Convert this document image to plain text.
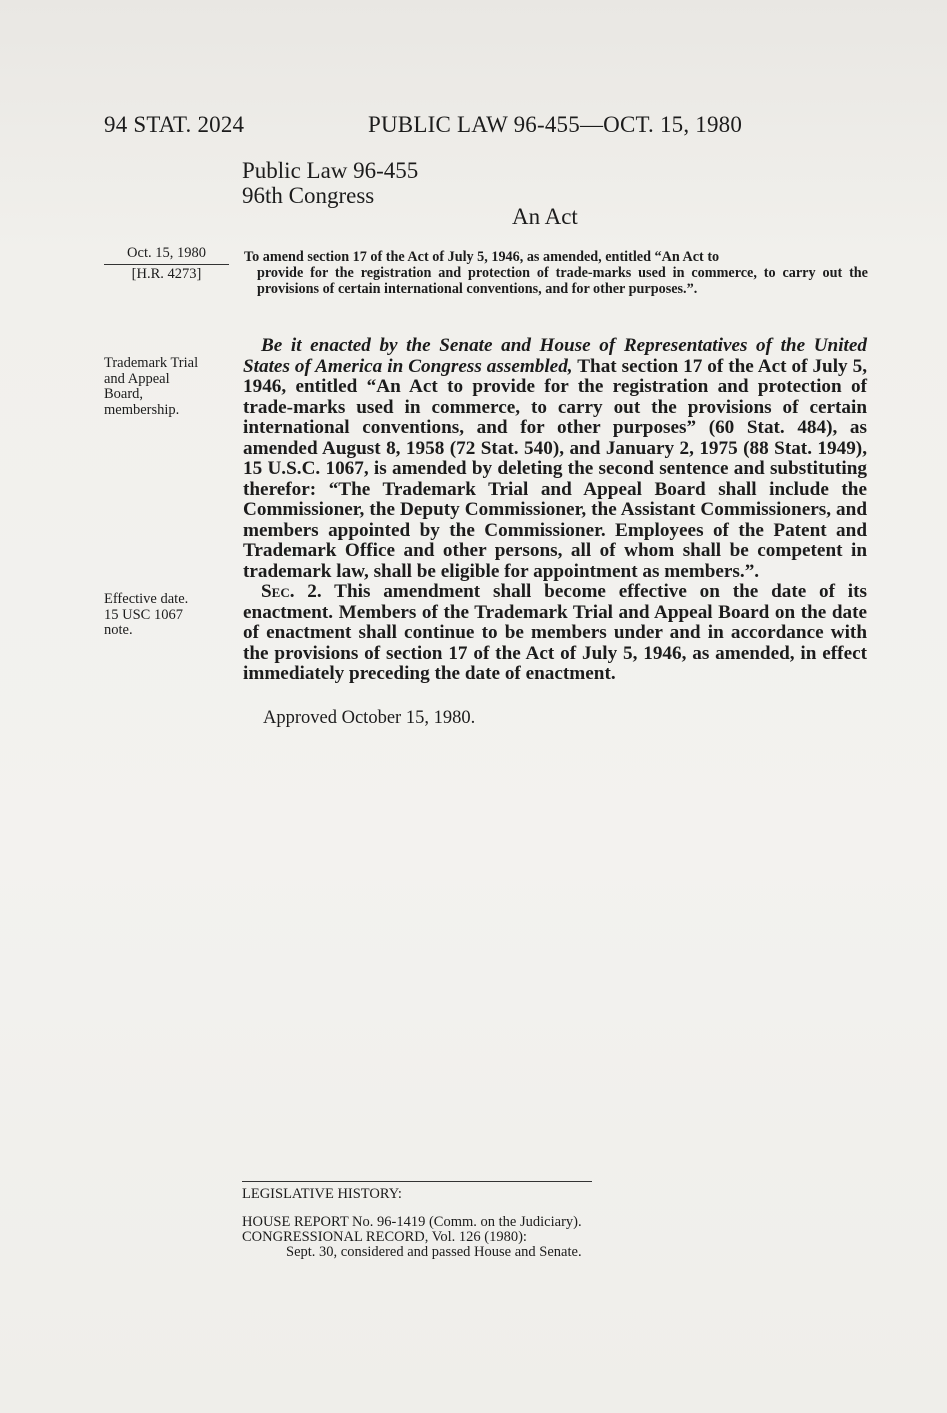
94 STAT. 2024	PUBLIC LAW 96-455—OCT. 15, 1980
Public Law 96-455
96th Congress
An Act
Oct. 15, 1980
[H.R. 4273]
To amend section 17 of the Act of July 5, 1946, as amended, entitled “An Act to
provide for the registration and protection of trade-marks used in commerce, to carry out the provisions of certain international conventions, and for other purposes.”.
Trademark Trial
and Appeal
Board,
membership.
Effective date.
15 USC 1067
note.

Be it enacted by the Senate and House of Representatives of the United States of America in Congress assembled, That section 17 of the Act of July 5, 1946, entitled “An Act to provide for the registration and protection of trade-marks used in commerce, to carry out the provisions of certain international conventions, and for other purposes” (60 Stat. 484), as amended August 8, 1958 (72 Stat. 540), and January 2, 1975 (88 Stat. 1949), 15 U.S.C. 1067, is amended by deleting the second sentence and substituting therefor: “The Trademark Trial and Appeal Board shall include the Commissioner, the Deputy Commissioner, the Assistant Commissioners, and members appointed by the Commissioner. Employees of the Patent and Trademark Office and other persons, all of whom shall be competent in trademark law, shall be eligible for appointment as members.”.

Sec. 2. This amendment shall become effective on the date of its enactment. Members of the Trademark Trial and Appeal Board on the date of enactment shall continue to be members under and in accordance with the provisions of section 17 of the Act of July 5, 1946, as amended, in effect immediately preceding the date of enactment.

Approved October 15, 1980.
LEGISLATIVE HISTORY:
HOUSE REPORT No. 96-1419 (Comm. on the Judiciary).
CONGRESSIONAL RECORD, Vol. 126 (1980):
Sept. 30, considered and passed House and Senate.
